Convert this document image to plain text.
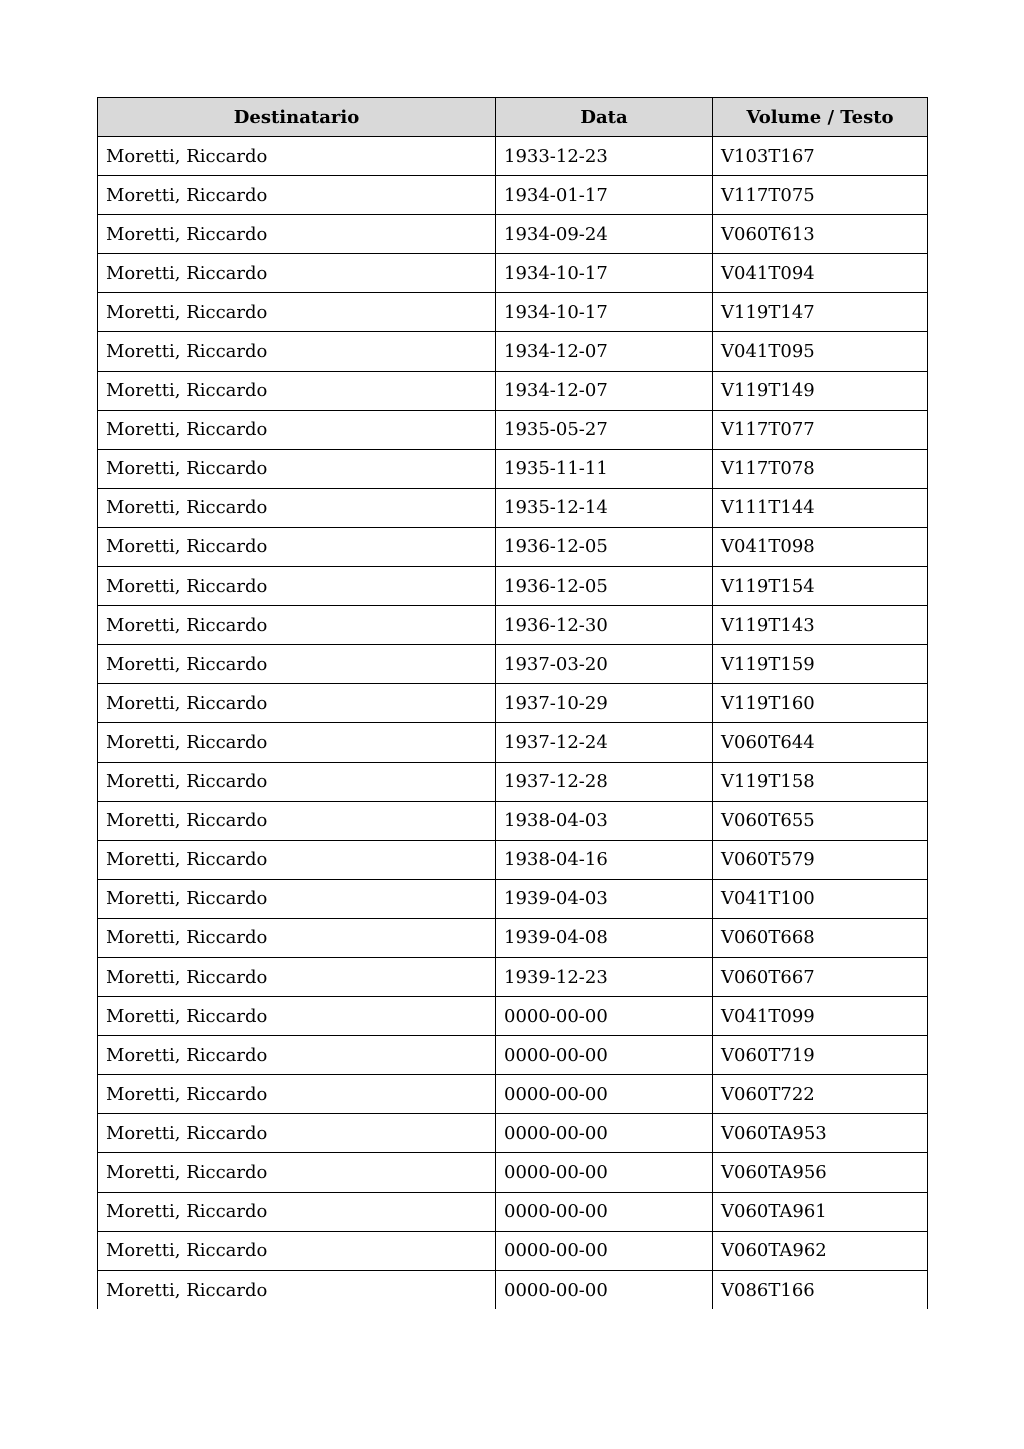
Destinatario	Data	Volume / Testo
Moretti, Riccardo	1933-12-23	V103T167
Moretti, Riccardo	1934-01-17	V117T075
Moretti, Riccardo	1934-09-24	V060T613
Moretti, Riccardo	1934-10-17	V041T094
Moretti, Riccardo	1934-10-17	V119T147
Moretti, Riccardo	1934-12-07	V041T095
Moretti, Riccardo	1934-12-07	V119T149
Moretti, Riccardo	1935-05-27	V117T077
Moretti, Riccardo	1935-11-11	V117T078
Moretti, Riccardo	1935-12-14	V111T144
Moretti, Riccardo	1936-12-05	V041T098
Moretti, Riccardo	1936-12-05	V119T154
Moretti, Riccardo	1936-12-30	V119T143
Moretti, Riccardo	1937-03-20	V119T159
Moretti, Riccardo	1937-10-29	V119T160
Moretti, Riccardo	1937-12-24	V060T644
Moretti, Riccardo	1937-12-28	V119T158
Moretti, Riccardo	1938-04-03	V060T655
Moretti, Riccardo	1938-04-16	V060T579
Moretti, Riccardo	1939-04-03	V041T100
Moretti, Riccardo	1939-04-08	V060T668
Moretti, Riccardo	1939-12-23	V060T667
Moretti, Riccardo	0000-00-00	V041T099
Moretti, Riccardo	0000-00-00	V060T719
Moretti, Riccardo	0000-00-00	V060T722
Moretti, Riccardo	0000-00-00	V060TA953
Moretti, Riccardo	0000-00-00	V060TA956
Moretti, Riccardo	0000-00-00	V060TA961
Moretti, Riccardo	0000-00-00	V060TA962
Moretti, Riccardo	0000-00-00	V086T166
